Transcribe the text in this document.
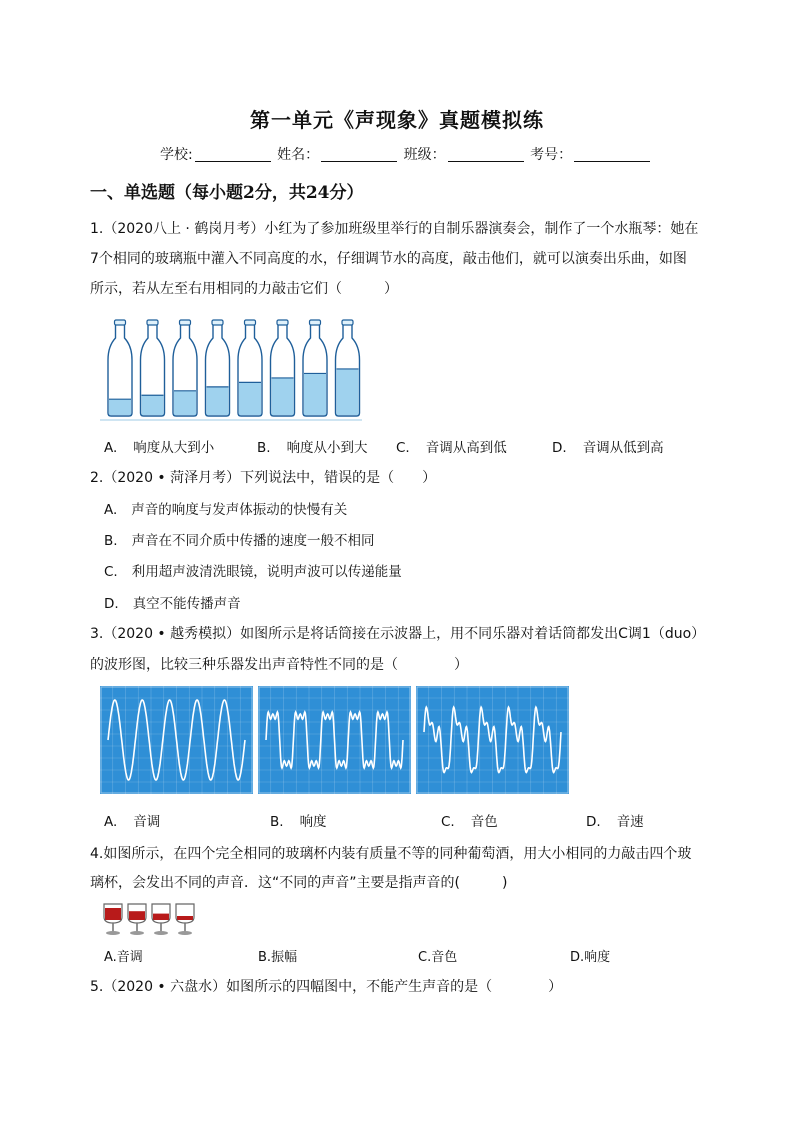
第一单元《声现象》真题模拟练
学校:	姓名：	班级：	考号：
一、单选题（每小题2分，共24分）
1.（2020八上 · 鹤岗月考）小红为了参加班级里举行的自制乐器演奏会，制作了一个水瓶琴：她在
7个相同的玻璃瓶中灌入不同高度的水，仔细调节水的高度，敲击他们，就可以演奏出乐曲，如图
所示，若从左至右用相同的力敲击它们（　　　）
A. 响度从大到小	B. 响度从小到大 C. 音调从高到低	D. 音调从低到高
2.（2020 • 菏泽月考）下列说法中，错误的是（　　）
A. 声音的响度与发声体振动的快慢有关
B. 声音在不同介质中传播的速度一般不相同
C. 利用超声波清洗眼镜，说明声波可以传递能量
D. 真空不能传播声音
3.（2020 • 越秀模拟）如图所示是将话筒接在示波器上，用不同乐器对着话筒都发出C调1（duo）
的波形图，比较三种乐器发出声音特性不同的是（　　　　）
A. 音调	B. 响度	C. 音色	D. 音速
4.如图所示，在四个完全相同的玻璃杯内装有质量不等的同种葡萄酒，用大小相同的力敲击四个玻
璃杯，会发出不同的声音．这“不同的声音”主要是指声音的(　　　)
A.音调	B.振幅	C.音色	D.响度
5.（2020 • 六盘水）如图所示的四幅图中，不能产生声音的是（　　　　）
